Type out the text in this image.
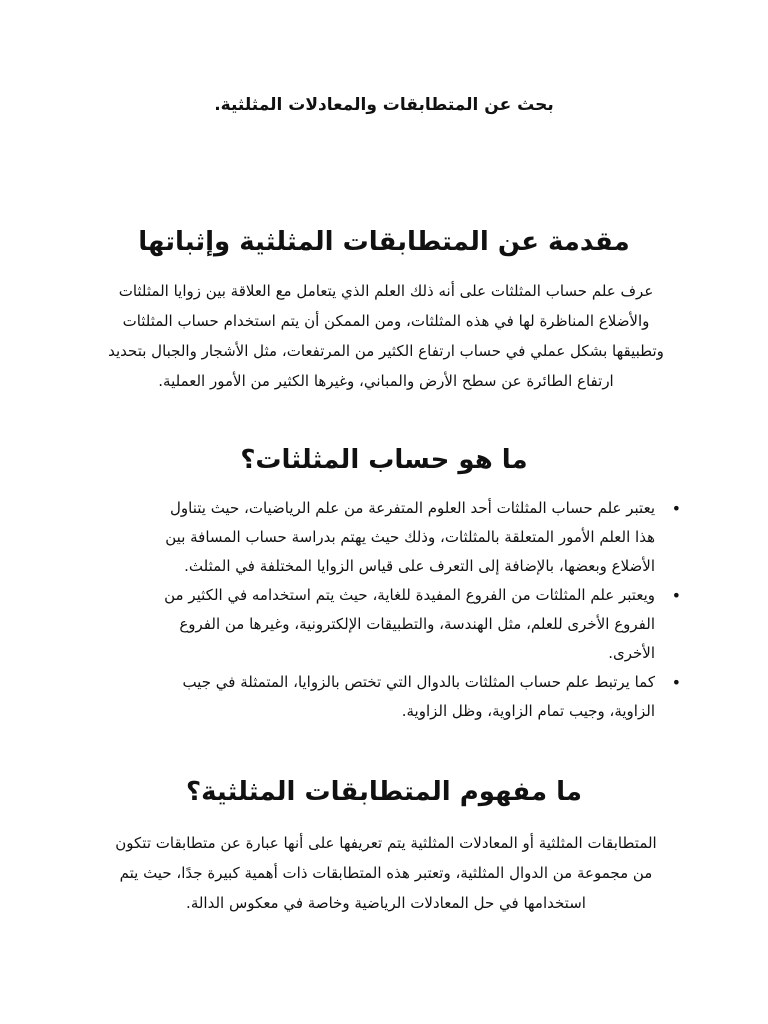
بحث عن المتطابقات والمعادلات المثلثية.
مقدمة عن المتطابقات المثلثية وإثباتها

عرف علم حساب المثلثات على أنه ذلك العلم الذي يتعامل مع العلاقة بين زوايا المثلثات والأضلاع المناظرة لها في هذه المثلثات، ومن الممكن أن يتم استخدام حساب المثلثات وتطبيقها بشكل عملي في حساب ارتفاع الكثير من المرتفعات، مثل الأشجار والجبال بتحديد ارتفاع الطائرة عن سطح الأرض والمباني، وغيرها الكثير من الأمور العملية.

ما هو حساب المثلثات؟
• يعتبر علم حساب المثلثات أحد العلوم المتفرعة من علم الرياضيات، حيث يتناول هذا العلم الأمور المتعلقة بالمثلثات، وذلك حيث يهتم بدراسة حساب المسافة بين الأضلاع وبعضها، بالإضافة إلى التعرف على قياس الزوايا المختلفة في المثلث.
• ويعتبر علم المثلثات من الفروع المفيدة للغاية، حيث يتم استخدامه في الكثير من الفروع الأخرى للعلم، مثل الهندسة، والتطبيقات الإلكترونية، وغيرها من الفروع الأخرى.
• كما يرتبط علم حساب المثلثات بالدوال التي تختص بالزوايا، المتمثلة في جيب الزاوية، وجيب تمام الزاوية، وظل الزاوية.
ما مفهوم المتطابقات المثلثية؟

المتطابقات المثلثية أو المعادلات المثلثية يتم تعريفها على أنها عبارة عن متطابقات تتكون من مجموعة من الدوال المثلثية، وتعتبر هذه المتطابقات ذات أهمية كبيرة جدًا، حيث يتم استخدامها في حل المعادلات الرياضية وخاصة في معكوس الدالة.
